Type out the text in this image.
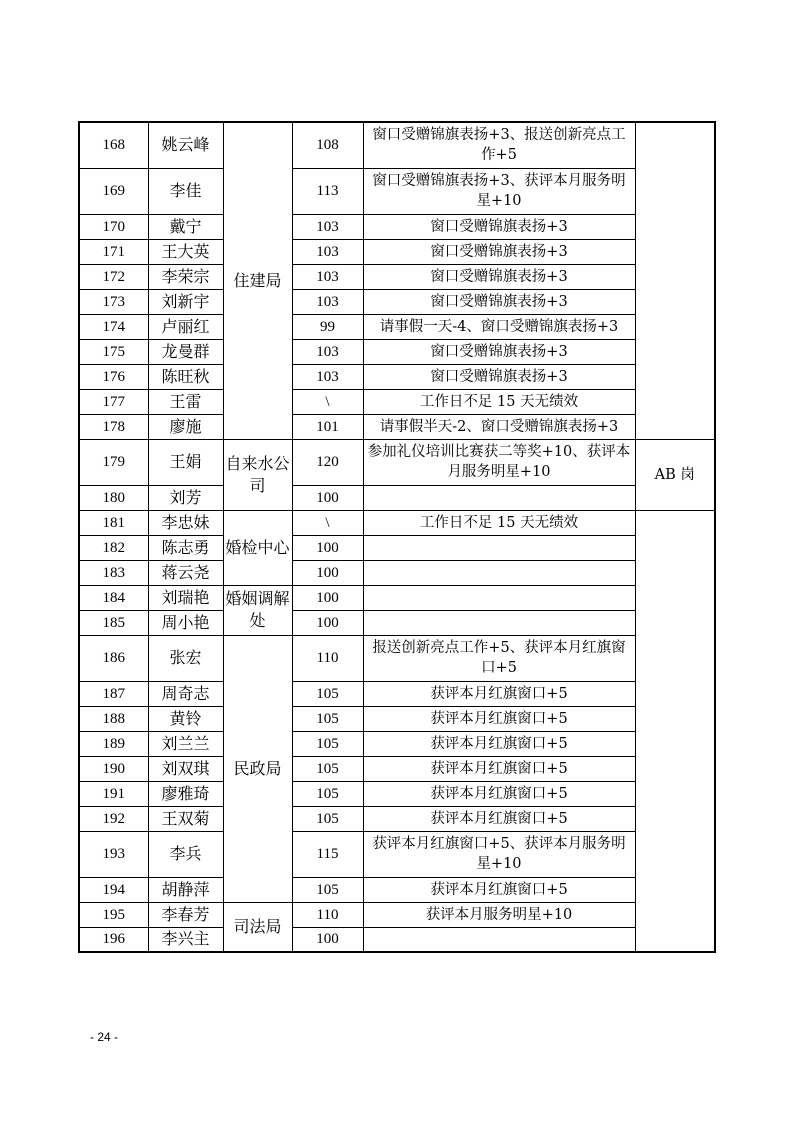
168	姚云峰	住建局	108	窗口受赠锦旗表扬+3、报送创新亮点工作+5	
169	李佳		113	窗口受赠锦旗表扬+3、获评本月服务明星+10	
170	戴宁		103	窗口受赠锦旗表扬+3	
171	王大英		103	窗口受赠锦旗表扬+3	
172	李荣宗		103	窗口受赠锦旗表扬+3	
173	刘新宇		103	窗口受赠锦旗表扬+3	
174	卢丽红		99	请事假一天-4、窗口受赠锦旗表扬+3	
175	龙曼群		103	窗口受赠锦旗表扬+3	
176	陈旺秋		103	窗口受赠锦旗表扬+3	
177	王雷		\	工作日不足 15 天无绩效	
178	廖施		101	请事假半天-2、窗口受赠锦旗表扬+3	
179	王娟	自来水公司	120	参加礼仪培训比赛获二等奖+10、获评本月服务明星+10	AB 岗
180	刘芳		100		
181	李忠妹	婚检中心	\	工作日不足 15 天无绩效	
182	陈志勇		100		
183	蒋云尧		100		
184	刘瑞艳	婚姻调解处	100		
185	周小艳		100		
186	张宏	民政局	110	报送创新亮点工作+5、获评本月红旗窗口+5	
187	周奇志		105	获评本月红旗窗口+5	
188	黄铃		105	获评本月红旗窗口+5	
189	刘兰兰		105	获评本月红旗窗口+5	
190	刘双琪		105	获评本月红旗窗口+5	
191	廖雅琦		105	获评本月红旗窗口+5	
192	王双菊		105	获评本月红旗窗口+5	
193	李兵		115	获评本月红旗窗口+5、获评本月服务明星+10	
194	胡静萍		105	获评本月红旗窗口+5	
195	李春芳	司法局	110	获评本月服务明星+10	
196	李兴主		100		
- 24 -
